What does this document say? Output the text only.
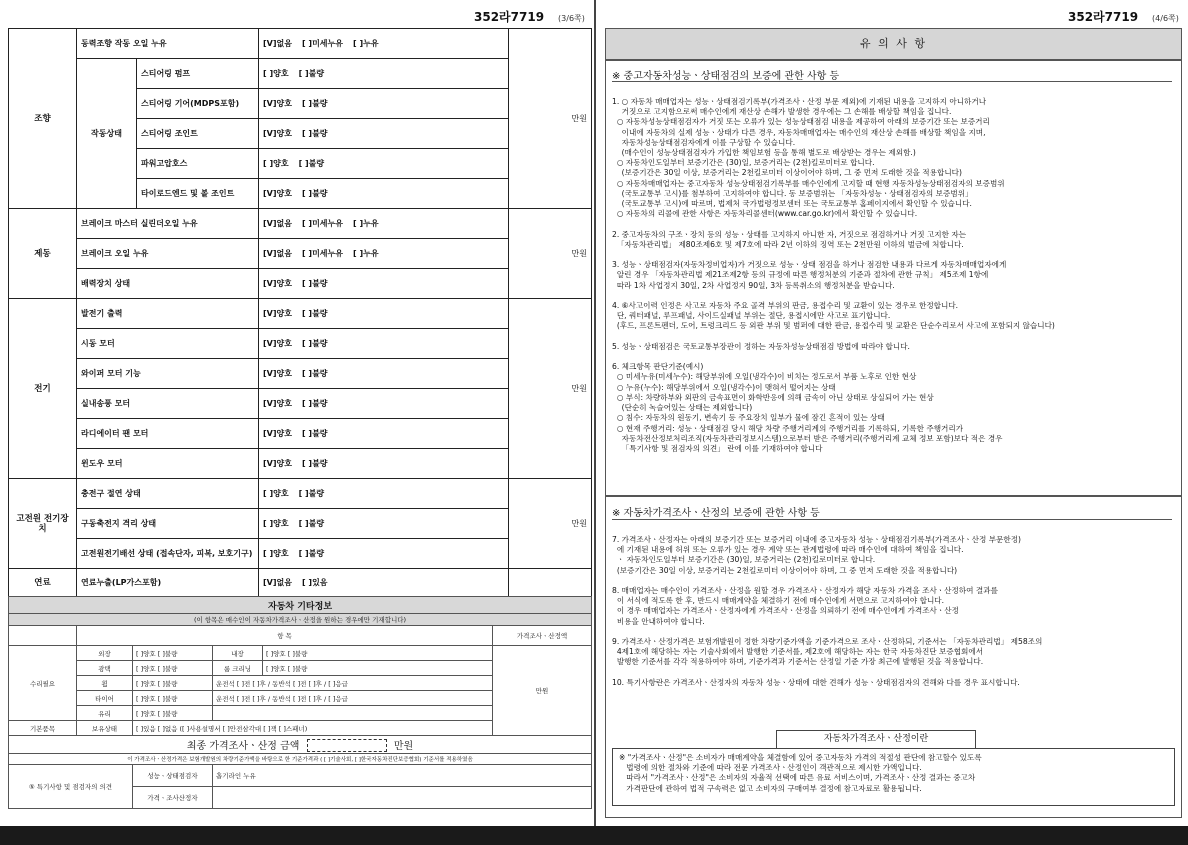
352라7719 (3/6쪽)
조향	동력조향 작동 오일 누유		[V]없음 [ ]미세누유 [ ]누유	만원
	작동상태	스티어링 펌프	[ ]양호 [ ]불량	
		스티어링 기어(MDPS포함)	[V]양호 [ ]불량	
		스티어링 조인트	[V]양호 [ ]불량	
		파워고압호스	[ ]양호 [ ]불량	
		타이로드엔드 및 볼 조인트	[V]양호 [ ]불량	
제동	브레이크 마스터 실린더오일 누유		[V]없음 [ ]미세누유 [ ]누유	만원
	브레이크 오일 누유		[V]없음 [ ]미세누유 [ ]누유	
	배력장치 상태		[V]양호 [ ]불량	
전기	발전기 출력		[V]양호 [ ]불량	만원
	시동 모터		[V]양호 [ ]불량	
	와이퍼 모터 기능		[V]양호 [ ]불량	
	실내송풍 모터		[V]양호 [ ]불량	
	라디에이터 팬 모터		[V]양호 [ ]불량	
	윈도우 모터		[V]양호 [ ]불량	
고전원 전기장치	충전구 절연 상태		[ ]양호 [ ]불량	만원
	구동축전지 격리 상태		[ ]양호 [ ]불량	
	고전원전기배선 상태 (접속단자, 피복, 보호기구)		[ ]양호 [ ]불량	
연료	연료누출(LP가스포함)		[V]없음 [ ]있음	
자동차 기타정보					
(이 항목은 매수인이 자동차가격조사ㆍ산정을 원하는 경우에만 기재합니다)					
	항 목				가격조사ㆍ산정액
수리필요	외장	[ ]양호 [ ]불량	내장	[ ]양호 [ ]불량	만원
	광택	[ ]양호 [ ]불량	룸 크리닝	[ ]양호 [ ]불량	
	휠	[ ]양호 [ ]불량	운전석 [ ]전 [ ]후 / 동반석 [ ]전 [ ]후 / [ ]응급		
	타이어	[ ]양호 [ ]불량	운전석 [ ]전 [ ]후 / 동반석 [ ]전 [ ]후 / [ ]응급		
	유리	[ ]양호 [ ]불량			
기본품목	보유상태	[ ]있음 [ ]없음 ([ ]사용설명서 [ ]안전삼각대 [ ]잭 [ ]스패너)			
최종 가격조사ㆍ산정 금액 만원					
이 가격조사ㆍ산정가격은 보험개발원의 차량기준가액을 바탕으로 한 기준가격과 ( [ ]기술사회, [ ]한국자동차진단보증협회) 기준서를 적용하였음					
⑤ 특기사항 및 점검자의 의견		성능ㆍ상태점검자	흡기라인 누유		
		가격ㆍ조사산정자			
352라7719 (4/6쪽)
유 의 사 항
※ 중고자동차성능ㆍ상태점검의 보증에 관한 사항 등

1. ○ 자동차 매매업자는 성능ㆍ상태점검기록부(가격조사ㆍ산정 부문 제외)에 기재된 내용을 고지하지 아니하거나
거짓으로 고지함으로써 매수인에게 재산상 손해가 발생한 경우에는 그 손해를 배상할 책임을 집니다.
○ 자동차성능상태점검자가 거짓 또는 오류가 있는 성능상태점검 내용을 제공하여 아래의 보증기간 또는 보증거리
이내에 자동차의 실제 성능ㆍ상태가 다른 경우, 자동차매매업자는 매수인의 재산상 손해를 배상할 책임을 지며,
자동차성능상태점검자에게 이를 구상할 수 있습니다.
(매수인이 성능상태점검자가 가입한 책임보험 등을 통해 별도로 배상받는 경우는 제외함.)
○ 자동차인도일부터 보증기간은 (30)일, 보증거리는 (2천)킬로미터로 합니다.
(보증기간은 30일 이상, 보증거리는 2천킬로미터 이상이어야 하며, 그 중 먼저 도래한 것을 적용합니다)
○ 자동차매매업자는 중고자동차 성능상태점검기록부를 매수인에게 고지할 때 현행 자동차성능상태점검자의 보증범위
(국토교통부 고시)를 첨부하여 고지하여야 합니다. 동 보증범위는 「자동차성능ㆍ상태점검자의 보증범위」
(국토교통부 고시)에 따르며, 법제처 국가법령정보센터 또는 국토교통부 홈페이지에서 확인할 수 있습니다.
○ 자동차의 리콜에 관한 사항은 자동차리콜센터(www.car.go.kr)에서 확인할 수 있습니다.

2. 중고자동차의 구조ㆍ장치 등의 성능ㆍ상태를 고지하지 아니한 자, 거짓으로 점검하거나 거짓 고지한 자는
「자동차관리법」 제80조제6호 및 제7호에 따라 2년 이하의 징역 또는 2천만원 이하의 벌금에 처합니다.

3. 성능ㆍ상태점검자(자동차정비업자)가 거짓으로 성능ㆍ상태 점검을 하거나 점검한 내용과 다르게 자동차매매업자에게
알린 경우 「자동차관리법 제21조제2항 등의 규정에 따른 행정처분의 기준과 절차에 관한 규칙」 제5조제 1항에
따라 1차 사업정지 30일, 2차 사업정지 90일, 3차 등록취소의 행정처분을 받습니다.

4. ⑥사고이력 인정은 사고로 자동차 주요 골격 부위의 판금, 용접수리 및 교환이 있는 경우로 한정합니다.
단, 쿼터패널, 루프패널, 사이드실패널 부위는 절단, 용접시에만 사고로 표기합니다.
(후드, 프론트펜더, 도어, 트렁크리드 등 외판 부위 및 범퍼에 대한 판금, 용접수리 및 교환은 단순수리로서 사고에 포함되지 않습니다)

5. 성능ㆍ상태점검은 국토교통부장관이 정하는 자동차성능상태점검 방법에 따라야 합니다.

6. 체크항목 판단기준(예시)
○ 미세누유(미세누수): 해당부위에 오일(냉각수)이 비치는 정도로서 부품 노후로 인한 현상
○ 누유(누수): 해당부위에서 오일(냉각수)이 맺혀서 떨어지는 상태
○ 부식: 차량하부와 외판의 금속표면이 화학반응에 의해 금속이 아닌 상태로 상실되어 가는 현상
(단순히 녹슬어있는 상태는 제외합니다)
○ 침수: 자동차의 원동기, 변속기 등 주요장치 일부가 물에 잠긴 흔적이 있는 상태
○ 현재 주행거리: 성능ㆍ상태점검 당시 해당 차량 주행거리계의 주행거리를 기록하되, 기록한 주행거리가
자동차전산정보처리조직(자동차관리정보시스템)으로부터 받은 주행거리(주행거리계 교체 정보 포함)보다 적은 경우
「특기사항 및 점검자의 의견」 란에 이를 기재하여야 합니다

※ 자동차가격조사ㆍ산정의 보증에 관한 사항 등

7. 가격조사ㆍ산정자는 아래의 보증기간 또는 보증거리 이내에 중고자동차 성능ㆍ상태점검기록부(가격조사ㆍ산정 부문한정)
에 기재된 내용에 허위 또는 오류가 있는 경우 계약 또는 관계법령에 따라 매수인에 대하여 책임을 집니다.
ㆍ 자동차인도일부터 보증기간은 (30)일, 보증거리는 (2천)킬로미터로 합니다.
(보증기간은 30일 이상, 보증거리는 2천킬로미터 이상이어야 하며, 그 중 먼저 도래한 것을 적용합니다)

8. 매매업자는 매수인이 가격조사ㆍ산정을 원할 경우 가격조사ㆍ산정자가 해당 자동차 가격을 조사ㆍ산정하여 결과를
이 서식에 적도록 한 후, 반드시 매매계약을 체결하기 전에 매수인에게 서면으로 고지하여야 합니다.
이 경우 매매업자는 가격조사ㆍ산정자에게 가격조사ㆍ산정을 의뢰하기 전에 매수인에게 가격조사ㆍ산정
비용을 안내하여야 합니다.

9. 가격조사ㆍ산정가격은 보험개발원이 정한 차량기준가액을 기준가격으로 조사ㆍ산정하되, 기준서는 「자동차관리법」 제58조의
4제1호에 해당하는 자는 기술사회에서 발행한 기준서를, 제2호에 해당하는 자는 한국 자동차진단 보증협회에서
발행한 기준서를 각각 적용하여야 하며, 기준가격과 기준서는 산정일 기준 가장 최근에 발행된 것을 적용합니다.

10. 특기사항란은 가격조사ㆍ산정자의 자동차 성능ㆍ상태에 대한 견해가 성능ㆍ상태점검자의 견해와 다를 경우 표시합니다.

자동차가격조사ㆍ산정이란

※ "가격조사ㆍ산정"은 소비자가 매매계약을 체결함에 있어 중고자동차 가격의 적절성 판단에 참고할수 있도록
법령에 의한 절차와 기준에 따라 전문 가격조사ㆍ산정인이 객관적으로 제시한 가액입니다.
따라서 "가격조사ㆍ산정"은 소비자의 자율적 선택에 따른 유료 서비스이며, 가격조사ㆍ산정 결과는 중고차
가격판단에 관하여 법적 구속력은 없고 소비자의 구매여부 결정에 참고자료로 활용됩니다.
